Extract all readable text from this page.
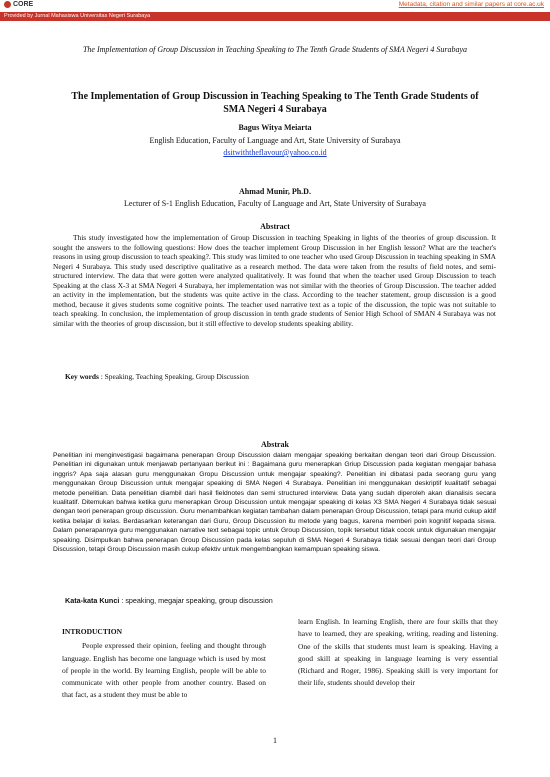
CORE	Metadata, citation and similar papers at core.ac.uk
Provided by Jurnal Mahasiswa Universitas Negeri Surabaya
The Implementation of Group Discussion in Teaching Speaking to The Tenth Grade Students of SMA Negeri 4 Surabaya
The Implementation of Group Discussion in Teaching Speaking to The Tenth Grade Students of SMA Negeri 4 Surabaya
Bagus Witya Meiarta
English Education, Faculty of Language and Art, State University of Surabaya
dsitwiththeflavour@yahoo.co.id
Ahmad Munir, Ph.D.
Lecturer of S-1 English Education, Faculty of Language and Art, State University of Surabaya
Abstract

This study investigated how the implementation of Group Discussion in teaching Speaking in lights of the theories of group discussion. It sought the answers to the following questions: How does the teacher implement Group Discussion in her English lesson? What are the teacher's reasons in using group discussion to teach speaking?. This study was limited to one teacher who used Group Discussion in teaching speaking in SMA Negeri 4 Surabaya. This study used descriptive qualitative as a research method. The data were taken from the results of field notes, and semi-structured interview. The data that were gotten were analyzed qualitatively. It was found that when the teacher used Group Discussion to teach Speaking at the class X-3 at SMA Negeri 4 Surabaya, her implementation was not similar with the theories of Group Discussion. The teacher added an activity in the implementation, but the students was quite active in the class. According to the teacher statement, group discussion is a good method, because it gives students some cognitive points. The teacher used narrative text as a topic of the discussion, the topic was not suitable to teach speaking. In conclusion, the implementation of group discussion in tenth grade students of Senior High School of SMAN 4 Surabaya was not similar with the theories of group discussion, but it still effective to develop students speaking ability.

Key words : Speaking, Teaching Speaking, Group Discussion
Abstrak

Penelitian ini menginvestigasi bagaimana penerapan Group Discussion dalam mengajar speaking berkaitan dengan teori dari Group Discussion. Penelitian ini digunakan untuk menjawab pertanyaan berikut ini : Bagaimana guru menerapkan Griup Discussion pada kegiatan mengajar bahasa inggris? Apa saja alasan guru menggunakan Gropu Discussion untuk mengajar speaking?. Penelitian ini dibatasi pada seorang guru yang menggunakan Group Discussion untuk mengajar speaking di SMA Negeri 4 Surabaya. Penelitian ini menggunakan deskriptif kualitatif sebagai metode penelitian. Data penelitian diambil dari hasil fieldnotes dan semi structured interview. Data yang sudah diperoleh akan dianalisis secara kualitatif. Ditemukan bahwa ketika guru menerapkan Group Discussion untuk mengajar speaking di kelas X3 SMA Negeri 4 Surabaya tidak sesuai dengan teori penerapan group discussion. Guru menambahkan kegiatan tambahan dalam penerapan Group Discussion, tetapi para murid cukup aktif ketika belajar di kelas. Berdasarkan keterangan dari Guru, Group Discussion itu metode yang bagus, karena memberi poin kognitif kepada siswa. Dalam penerapannya guru menggunakan narrative text sebagai topic untuk Group Discussion, topik tersebut tidak cocok untuk digunakan mengajar speaking. Disimpulkan bahwa penerapan Group Discussion pada kelas sepuluh di SMA Negeri 4 Surabaya tidak sesuai dengan teori dari Group Discussion, tetapi Group Discussion masih cukup efektiv untuk mengembangkan kemampuan speaking siswa.

Kata-kata Kunci : speaking, megajar speaking, group discussion
INTRODUCTION

People expressed their opinion, feeling and thought through language. English has become one language which is used by most of people in the world. By learning English, people will be able to communicate with other people from another country. Based on that fact, as a student they must be able to

learn English. In learning English, there are four skills that they have to learned, they are speaking, writing, reading and listening. One of the skills that students must learn is speaking. Having a good skill at speaking in language learning is very essential (Richard and Roger, 1986). Speaking skill is very important for their life, students should develop their

1
